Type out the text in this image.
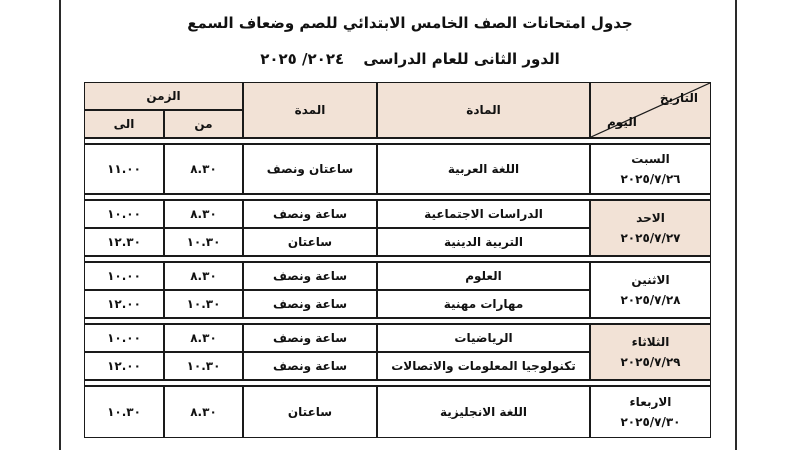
جدول امتحانات الصف الخامس الابتدائي للصم وضعاف السمع
الدور الثانى للعام الدراسى ٢٠٢٤/ ٢٠٢٥
التاريخ
اليوم	المادة	المدة	الزمن	
			من	الى

السبت
٢٠٢٥/٧/٢٦	اللغة العربية	ساعتان ونصف	٨.٣٠	١١.٠٠

الاحد
٢٠٢٥/٧/٢٧	الدراسات الاجتماعية	ساعة ونصف	٨.٣٠	١٠.٠٠
	التربية الدينية	ساعتان	١٠.٣٠	١٢.٣٠

الاثنين
٢٠٢٥/٧/٢٨	العلوم	ساعة ونصف	٨.٣٠	١٠.٠٠
	مهارات مهنية	ساعة ونصف	١٠.٣٠	١٢.٠٠

الثلاثاء
٢٠٢٥/٧/٢٩	الرياضيات	ساعة ونصف	٨.٣٠	١٠.٠٠
	تكنولوجيا المعلومات والاتصالات	ساعة ونصف	١٠.٣٠	١٢.٠٠

الاربعاء
٢٠٢٥/٧/٣٠	اللغة الانجليزية	ساعتان	٨.٣٠	١٠.٣٠
